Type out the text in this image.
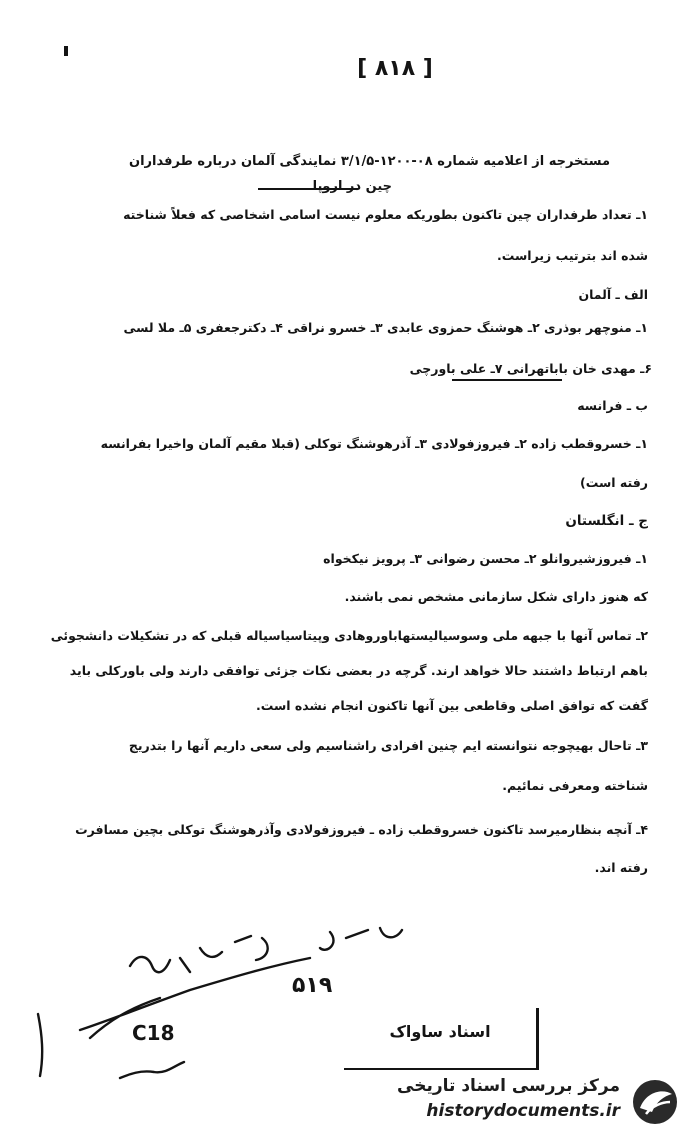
[ ۸۱۸ ]
مستخرجه از اعلامیه شماره ۰۸-۱۲۰۰-۳/۱/۵ نمایندگی آلمان درباره طرفداران
چین در اروپا
۱ـ تعداد طرفداران چین تاکنون بطوریکه معلوم نیست اسامی اشخاصی که فعلاً شناخته
شده اند بترتیب زیراست.
الف ـ آلمان
۱ـ منوچهر بوذری ۲ـ هوشنگ حمزوی عابدی ۳ـ خسرو نراقی ۴ـ دکترجعفری ۵ـ ملا لسی
۶ـ مهدی خان باباتهرانی ۷ـ علی باورچی
ب ـ فرانسه
۱ـ خسروقطب زاده ۲ـ فیروزفولادی ۳ـ آذرهوشنگ توکلی (قبلا مقیم آلمان واخیرا بفرانسه
رفته است)
ج ـ انگلستان
۱ـ فیروزشیروانلو ۲ـ محسن رضوانی ۳ـ پرویز نیکخواه
که هنوز دارای شکل سازمانی مشخص نمی باشند.
۲ـ تماس آنها با جبهه ملی وسوسیالیستهاباوروهادی وپیتاسیاسیاله قبلی که در تشکیلات دانشجوئی
باهم ارتباط داشتند حالا خواهد ارند. گرچه در بعضی نکات جزئی توافقی دارند ولی باورکلی باید
گفت که توافق اصلی وقاطعی بین آنها تاکنون انجام نشده است.
۳ـ تاحال بهیچوجه نتوانسته ایم چنین افرادی راشناسیم ولی سعی داریم آنها را بتدریج
شناخته ومعرفی نمائیم.
۴ـ آنچه بنظارمیرسد تاکنون خسروقطب زاده ـ فیروزفولادی وآذرهوشنگ توکلی بچین مسافرت
رفته اند.
۵۱۹
C18	اسناد ساواک
مرکز بررسی اسناد تاریخی
historydocuments.ir
